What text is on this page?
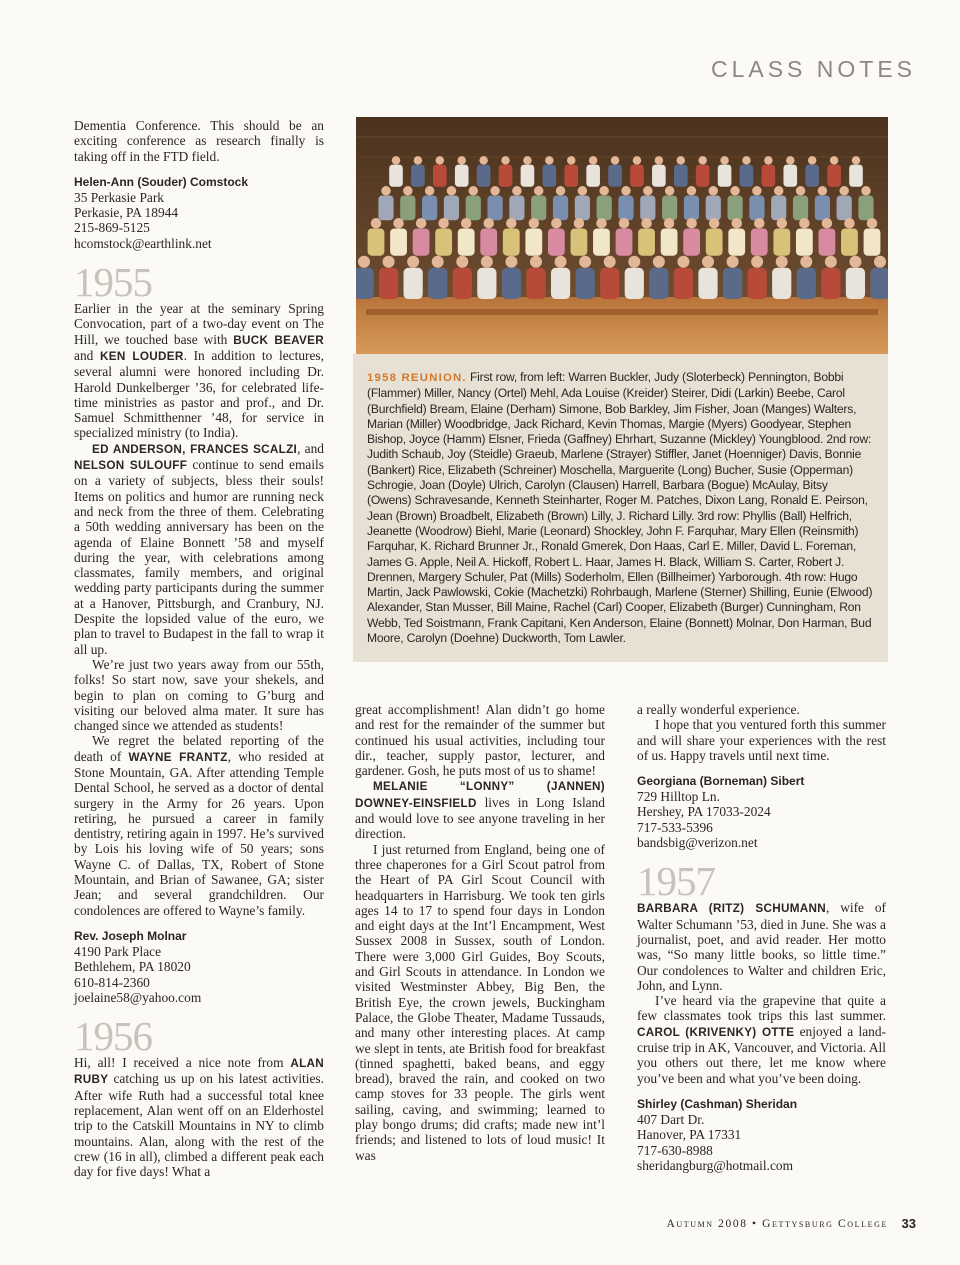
CLASS NOTES

Dementia Conference. This should be an exciting conference as research finally is taking off in the FTD field.

Helen-Ann (Souder) Comstock
35 Perkasie Park
Perkasie, PA 18944
215-869-5125
hcomstock@earthlink.net
1955

Earlier in the year at the seminary Spring Convocation, part of a two-day event on The Hill, we touched base with BUCK BEAVER and KEN LOUDER. In addition to lectures, several alumni were honored including Dr. Harold Dunkelberger ’36, for celebrated life-time ministries as pastor and prof., and Dr. Samuel Schmitthenner ’48, for service in specialized ministry (to India).

ED ANDERSON, FRANCES SCALZI, and NELSON SULOUFF continue to send emails on a variety of subjects, bless their souls! Items on politics and humor are running neck and neck from the three of them. Celebrating a 50th wedding anniversary has been on the agenda of Elaine Bonnett ’58 and myself during the year, with celebrations among classmates, family members, and original wedding party participants during the summer at a Hanover, Pittsburgh, and Cranbury, NJ. Despite the lopsided value of the euro, we plan to travel to Budapest in the fall to wrap it all up.

We’re just two years away from our 55th, folks! So start now, save your shekels, and begin to plan on coming to G’burg and visiting our beloved alma mater. It sure has changed since we attended as students!

We regret the belated reporting of the death of WAYNE FRANTZ, who resided at Stone Mountain, GA. After attending Temple Dental School, he served as a doctor of dental surgery in the Army for 26 years. Upon retiring, he pursued a career in family dentistry, retiring again in 1997. He’s survived by Lois his loving wife of 50 years; sons Wayne C. of Dallas, TX, Robert of Stone Mountain, and Brian of Sawanee, GA; sister Jean; and several grandchildren. Our condolences are offered to Wayne’s family.

Rev. Joseph Molnar
4190 Park Place
Bethlehem, PA 18020
610-814-2360
joelaine58@yahoo.com
1956

Hi, all! I received a nice note from ALAN RUBY catching us up on his latest activities. After wife Ruth had a successful total knee replacement, Alan went off on an Elderhostel trip to the Catskill Mountains in NY to climb mountains. Alan, along with the rest of the crew (16 in all), climbed a different peak each day for five days! What a

1958 REUNION. First row, from left: Warren Buckler, Judy (Sloterbeck) Pennington, Bobbi (Flammer) Miller, Nancy (Ortel) Mehl, Ada Louise (Kreider) Steirer, Didi (Larkin) Beebe, Carol (Burchfield) Bream, Elaine (Derham) Simone, Bob Barkley, Jim Fisher, Joan (Manges) Walters, Marian (Miller) Woodbridge, Jack Richard, Kevin Thomas, Margie (Myers) Goodyear, Stephen Bishop, Joyce (Hamm) Elsner, Frieda (Gaffney) Ehrhart, Suzanne (Mickley) Youngblood. 2nd row: Judith Schaub, Joy (Steidle) Graeub, Marlene (Strayer) Stiffler, Janet (Hoenniger) Davis, Bonnie (Bankert) Rice, Elizabeth (Schreiner) Moschella, Marguerite (Long) Bucher, Susie (Opperman) Schrogie, Joan (Doyle) Ulrich, Carolyn (Clausen) Harrell, Barbara (Bogue) McAulay, Bitsy (Owens) Schravesande, Kenneth Steinharter, Roger M. Patches, Dixon Lang, Ronald E. Peirson, Jean (Brown) Broadbelt, Elizabeth (Brown) Lilly, J. Richard Lilly. 3rd row: Phyllis (Ball) Helfrich, Jeanette (Woodrow) Biehl, Marie (Leonard) Shockley, John F. Farquhar, Mary Ellen (Reinsmith) Farquhar, K. Richard Brunner Jr., Ronald Gmerek, Don Haas, Carl E. Miller, David L. Foreman, James G. Apple, Neil A. Hickoff, Robert L. Haar, James H. Black, William S. Carter, Robert J. Drennen, Margery Schuler, Pat (Mills) Soderholm, Ellen (Billheimer) Yarborough. 4th row: Hugo Martin, Jack Pawlowski, Cokie (Machetzki) Rohrbaugh, Marlene (Sterner) Shilling, Eunie (Elwood) Alexander, Stan Musser, Bill Maine, Rachel (Carl) Cooper, Elizabeth (Burger) Cunningham, Ron Webb, Ted Soistmann, Frank Capitani, Ken Anderson, Elaine (Bonnett) Molnar, Don Harman, Bud Moore, Carolyn (Doehne) Duckworth, Tom Lawler.

great accomplishment! Alan didn’t go home and rest for the remainder of the summer but continued his usual activities, including tour dir., teacher, supply pastor, lecturer, and gardener. Gosh, he puts most of us to shame!

MELANIE “LONNY” (JANNEN) DOWNEY-EINSFIELD lives in Long Island and would love to see anyone traveling in her direction.

I just returned from England, being one of three chaperones for a Girl Scout patrol from the Heart of PA Girl Scout Council with headquarters in Harrisburg. We took ten girls ages 14 to 17 to spend four days in London and eight days at the Int’l Encampment, West Sussex 2008 in Sussex, south of London. There were 3,000 Girl Guides, Boy Scouts, and Girl Scouts in attendance. In London we visited Westminster Abbey, Big Ben, the British Eye, the crown jewels, Buckingham Palace, the Globe Theater, Madame Tussauds, and many other interesting places. At camp we slept in tents, ate British food for breakfast (tinned spaghetti, baked beans, and eggy bread), braved the rain, and cooked on two camp stoves for 33 people. The girls went sailing, caving, and swimming; learned to play bongo drums; did crafts; made new int’l friends; and listened to lots of loud music! It was

a really wonderful experience.

I hope that you ventured forth this summer and will share your experiences with the rest of us. Happy travels until next time.

Georgiana (Borneman) Sibert
729 Hilltop Ln.
Hershey, PA 17033-2024
717-533-5396
bandsbig@verizon.net
1957

BARBARA (RITZ) SCHUMANN, wife of Walter Schumann ’53, died in June. She was a journalist, poet, and avid reader. Her motto was, “So many little books, so little time.” Our condolences to Walter and children Eric, John, and Lynn.

I’ve heard via the grapevine that quite a few classmates took trips this last summer. CAROL (KRIVENKY) OTTE enjoyed a land-cruise trip in AK, Vancouver, and Victoria. All you others out there, let me know where you’ve been and what you’ve been doing.

Shirley (Cashman) Sheridan
407 Dart Dr.
Hanover, PA 17331
717-630-8988
sheridangburg@hotmail.com
Autumn 2008 • Gettysburg College 33
